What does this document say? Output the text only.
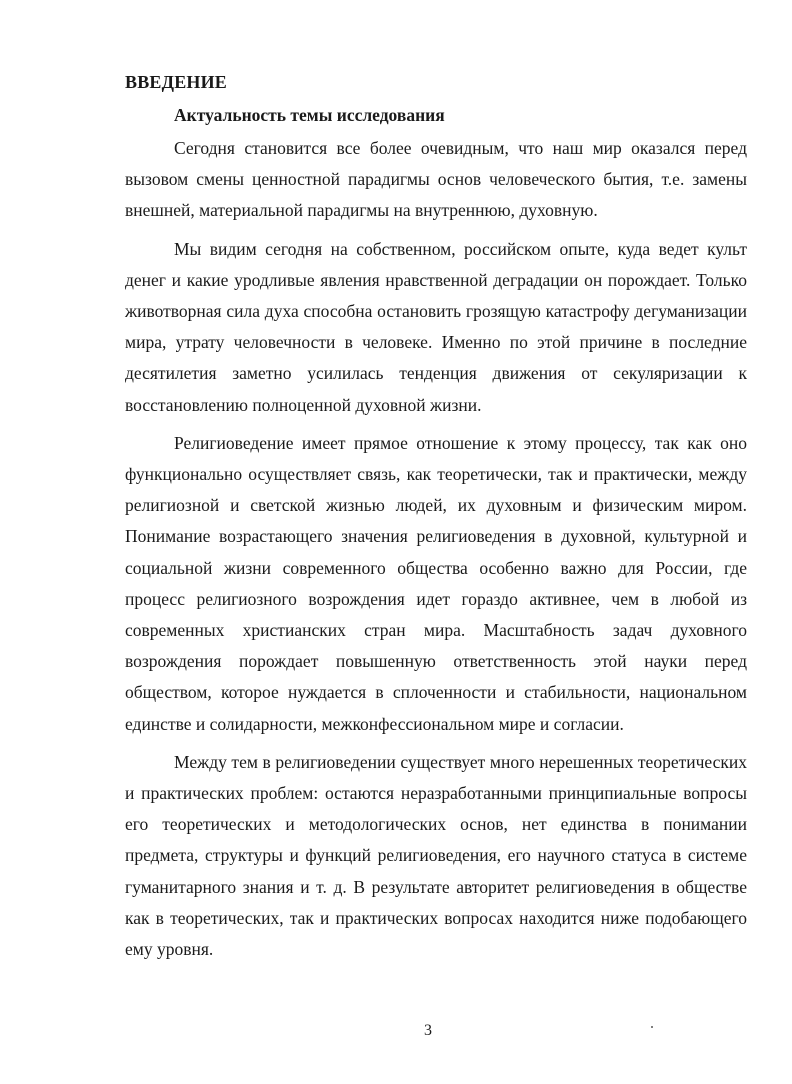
ВВЕДЕНИЕ
Актуальность темы исследования

Сегодня становится все более очевидным, что наш мир оказался перед вызовом смены ценностной парадигмы основ человеческого бытия, т.е. замены внешней, материальной парадигмы на внутреннюю, духовную.

Мы видим сегодня на собственном, российском опыте, куда ведет культ денег и какие уродливые явления нравственной деградации он порождает. Только животворная сила духа способна остановить грозящую катастрофу дегуманизации мира, утрату человечности в человеке. Именно по этой причине в последние десятилетия заметно усилилась тенденция движения от секуляризации к восстановлению полноценной духовной жизни.

Религиоведение имеет прямое отношение к этому процессу, так как оно функционально осуществляет связь, как теоретически, так и практически, между религиозной и светской жизнью людей, их духовным и физическим миром. Понимание возрастающего значения религиоведения в духовной, культурной и социальной жизни современного общества особенно важно для России, где процесс религиозного возрождения идет гораздо активнее, чем в любой из современных христианских стран мира. Масштабность задач духовного возрождения порождает повышенную ответственность этой науки перед обществом, которое нуждается в сплоченности и стабильности, национальном единстве и солидарности, межконфессиональном мире и согласии.

Между тем в религиоведении существует много нерешенных теоретических и практических проблем: остаются неразработанными принципиальные вопросы его теоретических и методологических основ, нет единства в понимании предмета, структуры и функций религиоведения, его научного статуса в системе гуманитарного знания и т. д. В результате авторитет религиоведения в обществе как в теоретических, так и практических вопросах находится ниже подобающего ему уровня.

3
